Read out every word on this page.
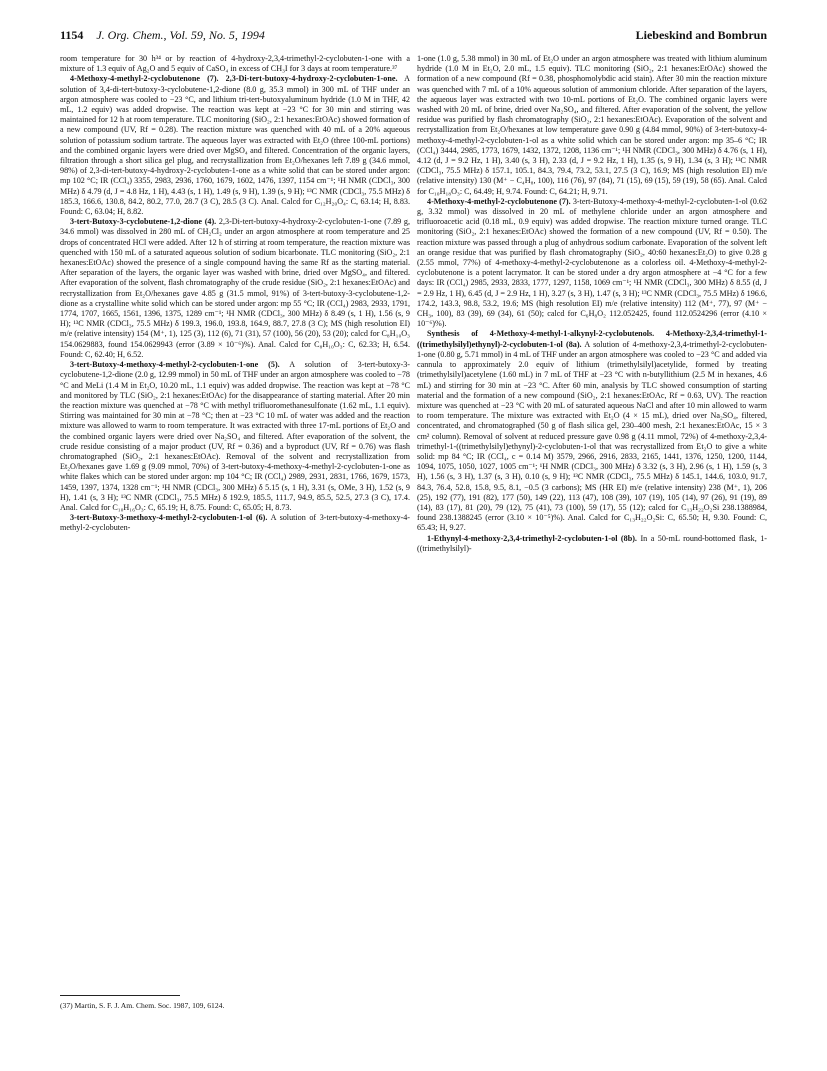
1154 J. Org. Chem., Vol. 59, No. 5, 1994	Liebeskind and Bombrun

room temperature for 30 h³⁴ or by reaction of 4-hydroxy-2,3,4-trimethyl-2-cyclobuten-1-one with a mixture of 1.3 equiv of Ag₂O and 5 equiv of CaSO₄ in excess of CH₃I for 3 days at room temperature.³⁷

4-Methoxy-4-methyl-2-cyclobutenone (7). 2,3-Di-tert-butoxy-4-hydroxy-2-cyclobuten-1-one. A solution of 3,4-di-tert-butoxy-3-cyclobutene-1,2-dione (8.0 g, 35.3 mmol) in 300 mL of THF under an argon atmosphere was cooled to −23 °C, and lithium tri-tert-butoxyaluminum hydride (1.0 M in THF, 42 mL, 1.2 equiv) was added dropwise. The reaction was kept at −23 °C for 30 min and stirring was maintained for 12 h at room temperature. TLC monitoring (SiO₂, 2:1 hexanes:EtOAc) showed formation of a new compound (UV, Rf = 0.28). The reaction mixture was quenched with 40 mL of a 20% aqueous solution of potassium sodium tartrate. The aqueous layer was extracted with Et₂O (three 100-mL portions) and the combined organic layers were dried over MgSO₄ and filtered. Concentration of the organic layers, filtration through a short silica gel plug, and recrystallization from Et₂O/hexanes left 7.89 g (34.6 mmol, 98%) of 2,3-di-tert-butoxy-4-hydroxy-2-cyclobuten-1-one as a white solid that can be stored under argon: mp 102 °C; IR (CCl₄) 3355, 2983, 2936, 1760, 1679, 1602, 1476, 1397, 1154 cm⁻¹; ¹H NMR (CDCl₃, 300 MHz) δ 4.79 (d, J = 4.8 Hz, 1 H), 4.43 (s, 1 H), 1.49 (s, 9 H), 1.39 (s, 9 H); ¹³C NMR (CDCl₃, 75.5 MHz) δ 185.3, 166.6, 130.8, 84.2, 80.2, 77.0, 28.7 (3 C), 28.5 (3 C). Anal. Calcd for C₁₂H₂₀O₄: C, 63.14; H, 8.83. Found: C, 63.04; H, 8.82.

3-tert-Butoxy-3-cyclobutene-1,2-dione (4). 2,3-Di-tert-butoxy-4-hydroxy-2-cyclobuten-1-one (7.89 g, 34.6 mmol) was dissolved in 280 mL of CH₂Cl₂ under an argon atmosphere at room temperature and 25 drops of concentrated HCl were added. After 12 h of stirring at room temperature, the reaction mixture was quenched with 150 mL of a saturated aqueous solution of sodium bicarbonate. TLC monitoring (SiO₂, 2:1 hexanes:EtOAc) showed the presence of a single compound having the same Rf as the starting material. After separation of the layers, the organic layer was washed with brine, dried over MgSO₄, and filtered. After evaporation of the solvent, flash chromatography of the crude residue (SiO₂, 2:1 hexanes:EtOAc) and recrystallization from Et₂O/hexanes gave 4.85 g (31.5 mmol, 91%) of 3-tert-butoxy-3-cyclobutene-1,2-dione as a crystalline white solid which can be stored under argon: mp 55 °C; IR (CCl₄) 2983, 2933, 1791, 1774, 1707, 1665, 1561, 1396, 1375, 1289 cm⁻¹; ¹H NMR (CDCl₃, 300 MHz) δ 8.49 (s, 1 H), 1.56 (s, 9 H); ¹³C NMR (CDCl₃, 75.5 MHz) δ 199.3, 196.0, 193.8, 164.9, 88.7, 27.8 (3 C); MS (high resolution EI) m/e (relative intensity) 154 (M⁺, 1), 125 (3), 112 (6), 71 (31), 57 (100), 56 (20), 53 (20); calcd for C₈H₁₀O₃ 154.0629883, found 154.0629943 (error (3.89 × 10⁻⁶)%). Anal. Calcd for C₈H₁₀O₃: C, 62.33; H, 6.54. Found: C, 62.40; H, 6.52.

3-tert-Butoxy-4-methoxy-4-methyl-2-cyclobuten-1-one (5). A solution of 3-tert-butoxy-3-cyclobutene-1,2-dione (2.0 g, 12.99 mmol) in 50 mL of THF under an argon atmosphere was cooled to −78 °C and MeLi (1.4 M in Et₂O, 10.20 mL, 1.1 equiv) was added dropwise. The reaction was kept at −78 °C and monitored by TLC (SiO₂, 2:1 hexanes:EtOAc) for the disappearance of starting material. After 20 min the reaction mixture was quenched at −78 °C with methyl trifluoromethanesulfonate (1.62 mL, 1.1 equiv). Stirring was maintained for 30 min at −78 °C; then at −23 °C 10 mL of water was added and the reaction mixture was allowed to warm to room temperature. It was extracted with three 17-mL portions of Et₂O and the combined organic layers were dried over Na₂SO₄ and filtered. After evaporation of the solvent, the crude residue consisting of a major product (UV, Rf = 0.36) and a byproduct (UV, Rf = 0.76) was flash chromatographed (SiO₂, 2:1 hexanes:EtOAc). Removal of the solvent and recrystallization from Et₂O/hexanes gave 1.69 g (9.09 mmol, 70%) of 3-tert-butoxy-4-methoxy-4-methyl-2-cyclobuten-1-one as white flakes which can be stored under argon: mp 104 °C; IR (CCl₄) 2989, 2931, 2831, 1766, 1679, 1573, 1459, 1397, 1374, 1328 cm⁻¹; ¹H NMR (CDCl₃, 300 MHz) δ 5.15 (s, 1 H), 3.31 (s, OMe, 3 H), 1.52 (s, 9 H), 1.41 (s, 3 H); ¹³C NMR (CDCl₃, 75.5 MHz) δ 192.9, 185.5, 111.7, 94.9, 85.5, 52.5, 27.3 (3 C), 17.4. Anal. Calcd for C₁₀H₁₆O₃: C, 65.19; H, 8.75. Found: C, 65.05; H, 8.73.

3-tert-Butoxy-3-methoxy-4-methyl-2-cyclobuten-1-ol (6). A solution of 3-tert-butoxy-4-methoxy-4-methyl-2-cyclobuten-

1-one (1.0 g, 5.38 mmol) in 30 mL of Et₂O under an argon atmosphere was treated with lithium aluminum hydride (1.0 M in Et₂O, 2.0 mL, 1.5 equiv). TLC monitoring (SiO₂, 2:1 hexanes:EtOAc) showed the formation of a new compound (Rf = 0.38, phosphomolybdic acid stain). After 30 min the reaction mixture was quenched with 7 mL of a 10% aqueous solution of ammonium chloride. After separation of the layers, the aqueous layer was extracted with two 10-mL portions of Et₂O. The combined organic layers were washed with 20 mL of brine, dried over Na₂SO₄, and filtered. After evaporation of the solvent, the yellow residue was purified by flash chromatography (SiO₂, 2:1 hexanes:EtOAc). Evaporation of the solvent and recrystallization from Et₂O/hexanes at low temperature gave 0.90 g (4.84 mmol, 90%) of 3-tert-butoxy-4-methoxy-4-methyl-2-cyclobuten-1-ol as a white solid which can be stored under argon: mp 35–6 °C; IR (CCl₄) 3444, 2985, 1773, 1679, 1432, 1372, 1208, 1136 cm⁻¹; ¹H NMR (CDCl₃, 300 MHz) δ 4.76 (s, 1 H), 4.12 (d, J = 9.2 Hz, 1 H), 3.40 (s, 3 H), 2.33 (d, J = 9.2 Hz, 1 H), 1.35 (s, 9 H), 1.34 (s, 3 H); ¹³C NMR (CDCl₃, 75.5 MHz) δ 157.1, 105.1, 84.3, 79.4, 73.2, 53.1, 27.5 (3 C), 16.9; MS (high resolution EI) m/e (relative intensity) 130 (M⁺ − C₄H₈, 100), 116 (76), 97 (84), 71 (15), 69 (15), 59 (19), 58 (65). Anal. Calcd for C₁₀H₁₈O₃: C, 64.49; H, 9.74. Found: C, 64.21; H, 9.71.

4-Methoxy-4-methyl-2-cyclobutenone (7). 3-tert-Butoxy-4-methoxy-4-methyl-2-cyclobuten-1-ol (0.62 g, 3.32 mmol) was dissolved in 20 mL of methylene chloride under an argon atmosphere and trifluoroacetic acid (0.18 mL, 0.9 equiv) was added dropwise. The reaction mixture turned orange. TLC monitoring (SiO₂, 2:1 hexanes:EtOAc) showed the formation of a new compound (UV, Rf = 0.50). The reaction mixture was passed through a plug of anhydrous sodium carbonate. Evaporation of the solvent left an orange residue that was purified by flash chromatography (SiO₂, 40:60 hexanes:Et₂O) to give 0.28 g (2.55 mmol, 77%) of 4-methoxy-4-methyl-2-cyclobutenone as a colorless oil. 4-Methoxy-4-methyl-2-cyclobutenone is a potent lacrymator. It can be stored under a dry argon atmosphere at −4 °C for a few days: IR (CCl₄) 2985, 2933, 2833, 1777, 1297, 1158, 1069 cm⁻¹; ¹H NMR (CDCl₃, 300 MHz) δ 8.55 (d, J = 2.9 Hz, 1 H), 6.45 (d, J = 2.9 Hz, 1 H), 3.27 (s, 3 H), 1.47 (s, 3 H); ¹³C NMR (CDCl₃, 75.5 MHz) δ 196.6, 174.2, 143.3, 98.8, 53.2, 19.6; MS (high resolution EI) m/e (relative intensity) 112 (M⁺, 77), 97 (M⁺ − CH₃, 100), 83 (39), 69 (34), 61 (50); calcd for C₆H₈O₂ 112.052425, found 112.0524296 (error (4.10 × 10⁻⁶)%).

Synthesis of 4-Methoxy-4-methyl-1-alkynyl-2-cyclobutenols. 4-Methoxy-2,3,4-trimethyl-1-((trimethylsilyl)ethynyl)-2-cyclobuten-1-ol (8a). A solution of 4-methoxy-2,3,4-trimethyl-2-cyclobuten-1-one (0.80 g, 5.71 mmol) in 4 mL of THF under an argon atmosphere was cooled to −23 °C and added via cannula to approximately 2.0 equiv of lithium (trimethylsilyl)acetylide, formed by treating (trimethylsilyl)acetylene (1.60 mL) in 7 mL of THF at −23 °C with n-butyllithium (2.5 M in hexanes, 4.6 mL) and stirring for 30 min at −23 °C. After 60 min, analysis by TLC showed consumption of starting material and the formation of a new compound (SiO₂, 2:1 hexanes:EtOAc, Rf = 0.63, UV). The reaction mixture was quenched at −23 °C with 20 mL of saturated aqueous NaCl and after 10 min allowed to warm to room temperature. The mixture was extracted with Et₂O (4 × 15 mL), dried over Na₂SO₄, filtered, concentrated, and chromatographed (50 g of flash silica gel, 230–400 mesh, 2:1 hexanes:EtOAc, 15 × 3 cm² column). Removal of solvent at reduced pressure gave 0.98 g (4.11 mmol, 72%) of 4-methoxy-2,3,4-trimethyl-1-((trimethylsilyl)ethynyl)-2-cyclobuten-1-ol that was recrystallized from Et₂O to give a white solid: mp 84 °C; IR (CCl₄, c = 0.14 M) 3579, 2966, 2916, 2833, 2165, 1441, 1376, 1250, 1200, 1144, 1094, 1075, 1050, 1027, 1005 cm⁻¹; ¹H NMR (CDCl₃, 300 MHz) δ 3.32 (s, 3 H), 2.96 (s, 1 H), 1.59 (s, 3 H), 1.56 (s, 3 H), 1.37 (s, 3 H), 0.10 (s, 9 H); ¹³C NMR (CDCl₃, 75.5 MHz) δ 145.1, 144.6, 103.0, 91.7, 84.3, 76.4, 52.8, 15.8, 9.5, 8.1, −0.5 (3 carbons); MS (HR EI) m/e (relative intensity) 238 (M⁺, 1), 206 (25), 192 (77), 191 (82), 177 (50), 149 (22), 113 (47), 108 (39), 107 (19), 105 (14), 97 (26), 91 (19), 89 (14), 83 (17), 81 (20), 79 (12), 75 (41), 73 (100), 59 (17), 55 (12); calcd for C₁₃H₂₂O₂Si 238.1388984, found 238.1388245 (error (3.10 × 10⁻⁵)%). Anal. Calcd for C₁₃H₂₂O₂Si: C, 65.50; H, 9.30. Found: C, 65.43; H, 9.27.

1-Ethynyl-4-methoxy-2,3,4-trimethyl-2-cyclobuten-1-ol (8b). In a 50-mL round-bottomed flask, 1-((trimethylsilyl)-

(37) Martin, S. F. J. Am. Chem. Soc. 1987, 109, 6124.
